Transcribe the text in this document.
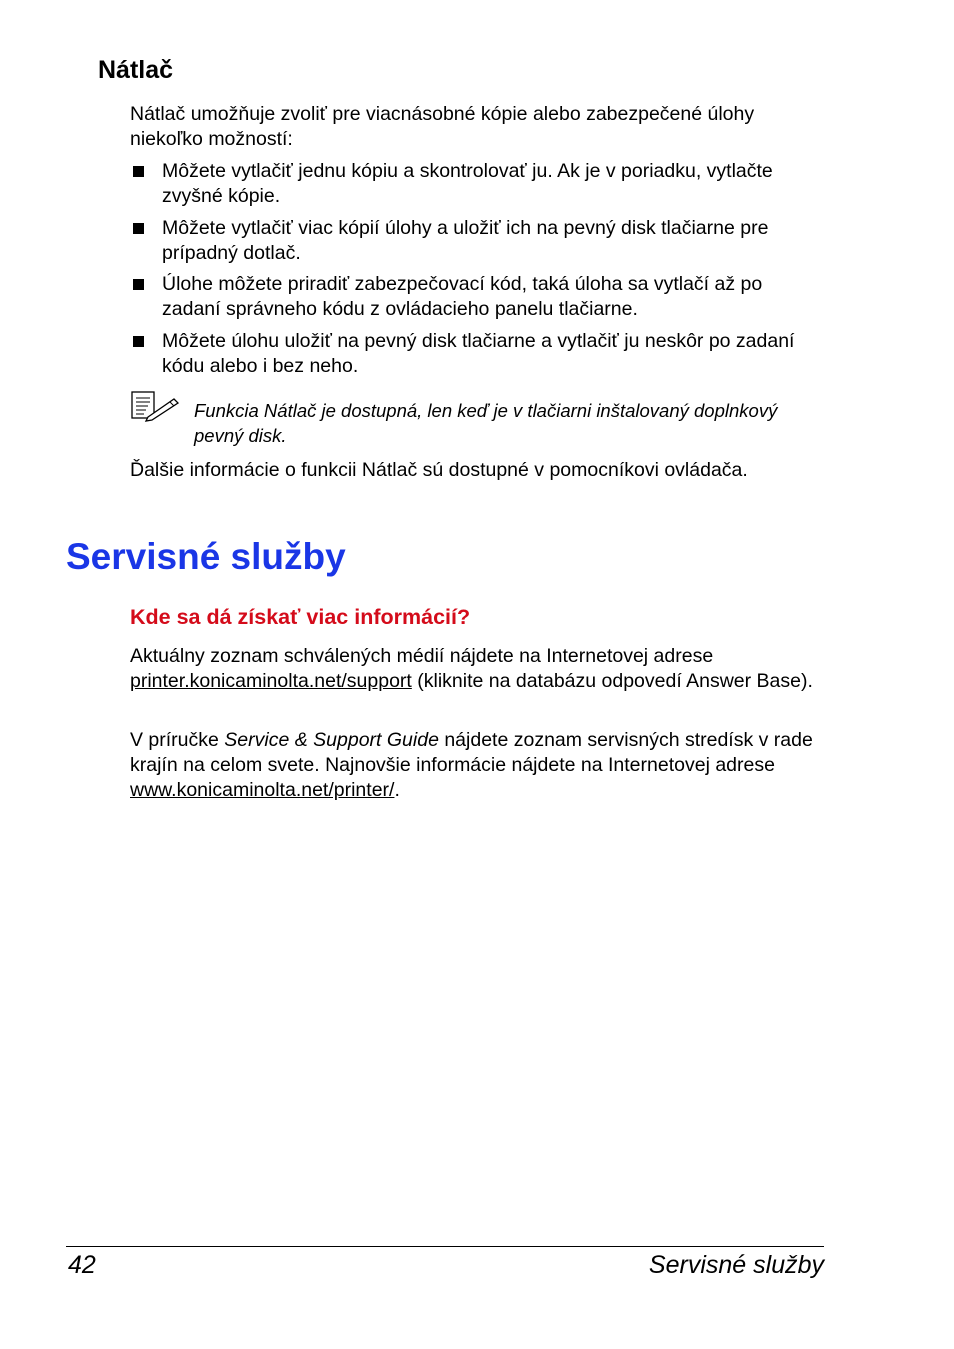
Nátlač
Nátlač umožňuje zvoliť pre viacnásobné kópie alebo zabezpečené úlohy niekoľko možností:
Môžete vytlačiť jednu kópiu a skontrolovať ju. Ak je v poriadku, vytlačte zvyšné kópie.
Môžete vytlačiť viac kópií úlohy a uložiť ich na pevný disk tlačiarne pre prípadný dotlač.
Úlohe môžete priradiť zabezpečovací kód, taká úloha sa vytlačí až po zadaní správneho kódu z ovládacieho panelu tlačiarne.
Môžete úlohu uložiť na pevný disk tlačiarne a vytlačiť ju neskôr po zadaní kódu alebo i bez neho.
Funkcia Nátlač je dostupná, len keď je v tlačiarni inštalovaný doplnkový pevný disk.
Ďalšie informácie o funkcii Nátlač sú dostupné v pomocníkovi ovládača.
Servisné služby
Kde sa dá získať viac informácií?
Aktuálny zoznam schválených médií nájdete na Internetovej adrese printer.konicaminolta.net/support (kliknite na databázu odpovedí Answer Base).
V príručke Service & Support Guide nájdete zoznam servisných stredísk v rade krajín na celom svete. Najnovšie informácie nájdete na Internetovej adrese www.konicaminolta.net/printer/.
42	Servisné služby
